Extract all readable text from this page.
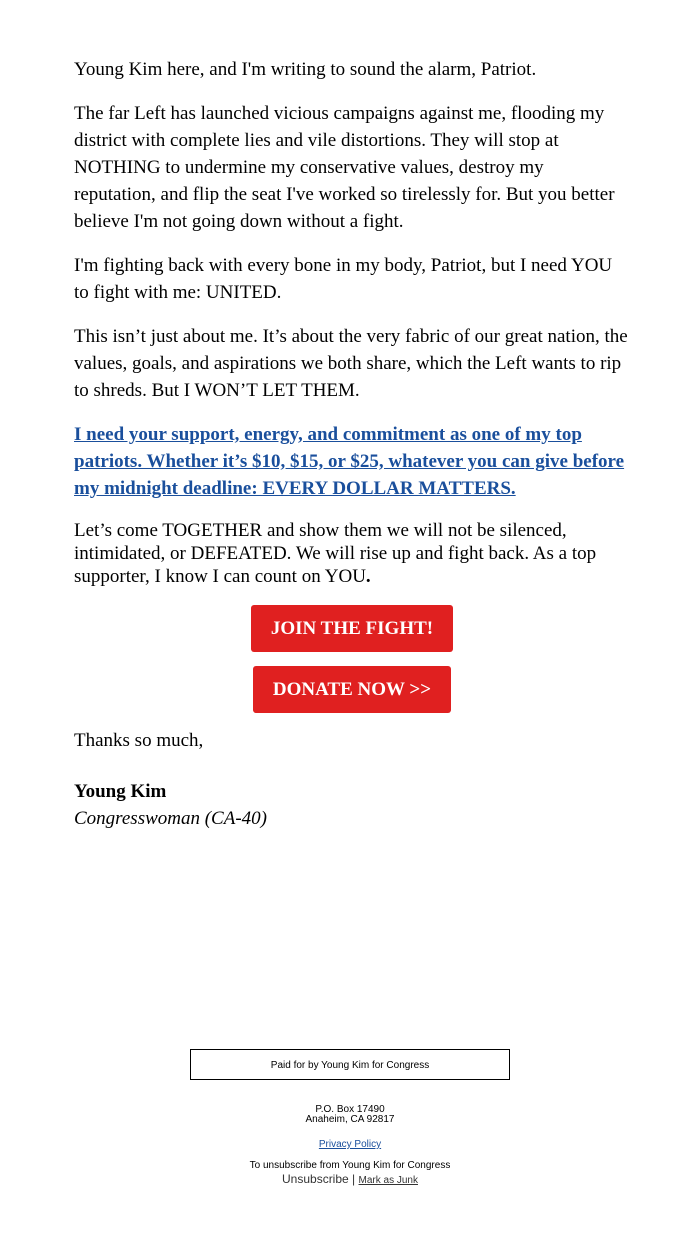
Young Kim here, and I'm writing to sound the alarm, Patriot.

The far Left has launched vicious campaigns against me, flooding my district with complete lies and vile distortions. They will stop at NOTHING to undermine my conservative values, destroy my reputation, and flip the seat I've worked so tirelessly for. But you better believe I'm not going down without a fight.

I'm fighting back with every bone in my body, Patriot, but I need YOU to fight with me: UNITED.

This isn’t just about me. It’s about the very fabric of our great nation, the values, goals, and aspirations we both share, which the Left wants to rip to shreds. But I WON’T LET THEM.

I need your support, energy, and commitment as one of my top patriots. Whether it’s $10, $15, or $25, whatever you can give before my midnight deadline: EVERY DOLLAR MATTERS.

Let’s come TOGETHER and show them we will not be silenced, intimidated, or DEFEATED. We will rise up and fight back. As a top supporter, I know I can count on YOU.

JOIN THE FIGHT!
DONATE NOW >>

Thanks so much,

Young Kim

Congresswoman (CA-40)

Paid for by Young Kim for Congress
P.O. Box 17490
Anaheim, CA 92817
Privacy Policy
To unsubscribe from Young Kim for Congress
Unsubscribe | Mark as Junk
